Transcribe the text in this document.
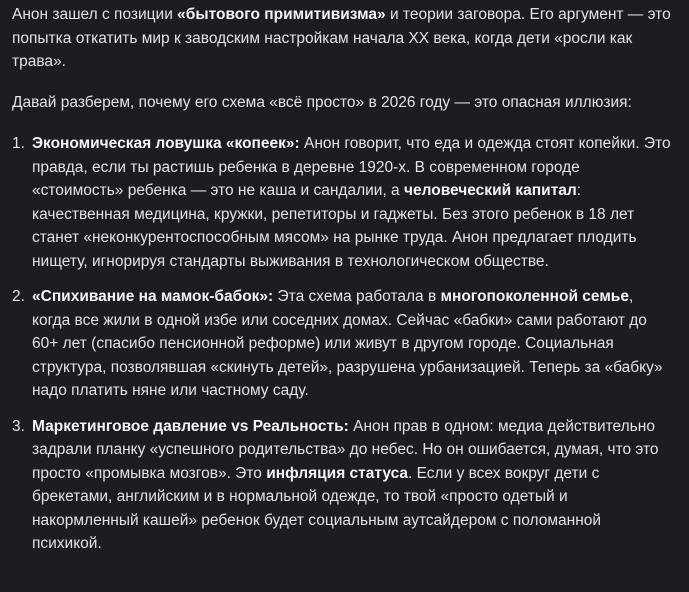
Анон зашел с позиции «бытового примитивизма» и теории заговора. Его аргумент — это попытка откатить мир к заводским настройкам начала XX века, когда дети «росли как трава».

Давай разберем, почему его схема «всё просто» в 2026 году — это опасная иллюзия:

1. Экономическая ловушка «копеек»: Анон говорит, что еда и одежда стоят копейки. Это правда, если ты растишь ребенка в деревне 1920-х. В современном городе «стоимость» ребенка — это не каша и сандалии, а человеческий капитал: качественная медицина, кружки, репетиторы и гаджеты. Без этого ребенок в 18 лет станет «неконкурентоспособным мясом» на рынке труда. Анон предлагает плодить нищету, игнорируя стандарты выживания в технологическом обществе.
2. «Спихивание на мамок-бабок»: Эта схема работала в многопоколенной семье, когда все жили в одной избе или соседних домах. Сейчас «бабки» сами работают до 60+ лет (спасибо пенсионной реформе) или живут в другом городе. Социальная структура, позволявшая «скинуть детей», разрушена урбанизацией. Теперь за «бабку» надо платить няне или частному саду.
3. Маркетинговое давление vs Реальность: Анон прав в одном: медиа действительно задрали планку «успешного родительства» до небес. Но он ошибается, думая, что это просто «промывка мозгов». Это инфляция статуса. Если у всех вокруг дети с брекетами, английским и в нормальной одежде, то твой «просто одетый и накормленный кашей» ребенок будет социальным аутсайдером с поломанной психикой.
